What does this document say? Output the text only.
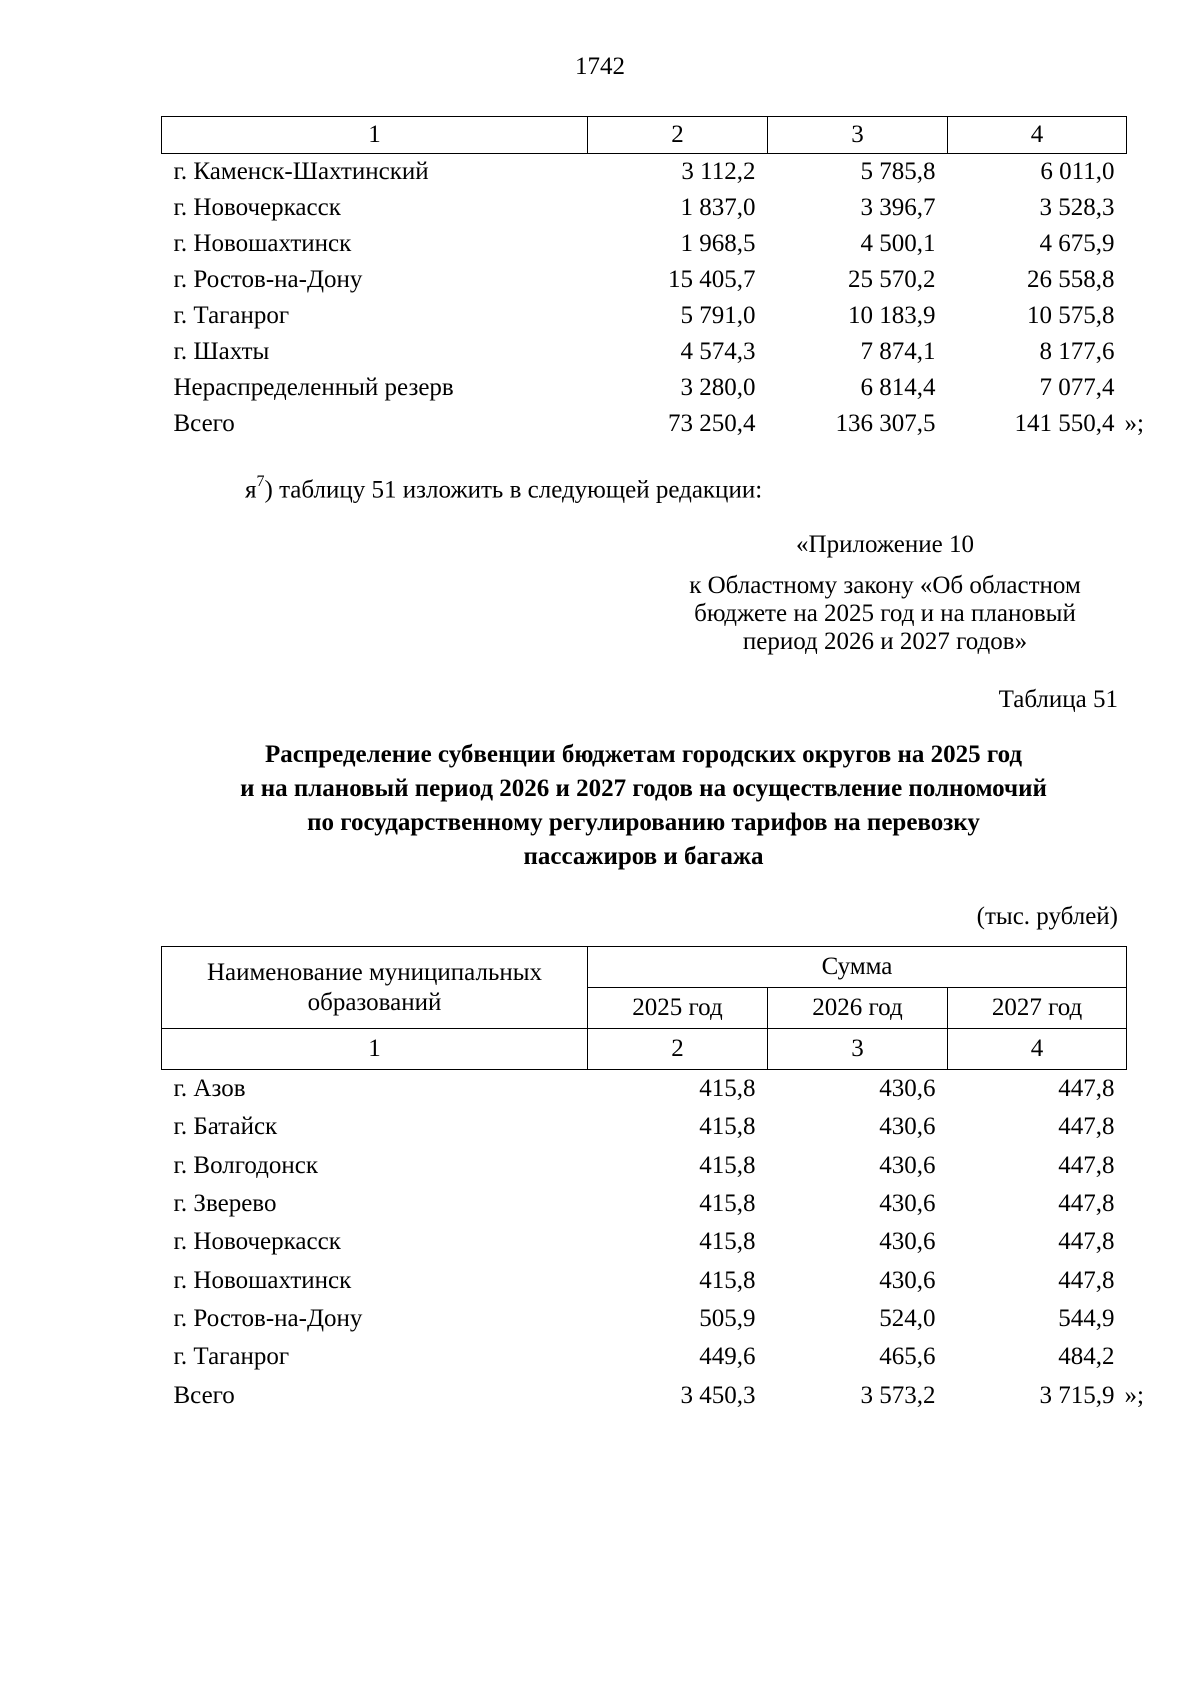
1742
1	2	3	4
г. Каменск-Шахтинский	3 112,2	5 785,8	6 011,0
г. Новочеркасск	1 837,0	3 396,7	3 528,3
г. Новошахтинск	1 968,5	4 500,1	4 675,9
г. Ростов-на-Дону	15 405,7	25 570,2	26 558,8
г. Таганрог	5 791,0	10 183,9	10 575,8
г. Шахты	4 574,3	7 874,1	8 177,6
Нераспределенный резерв	3 280,0	6 814,4	7 077,4
Всего	73 250,4	136 307,5	141 550,4 »;
$я^7$) таблицу 51 изложить в следующей редакции:
«Приложение 10
к Областному закону «Об областном
бюджете на 2025 год и на плановый
период 2026 и 2027 годов»
Таблица 51
Распределение субвенции бюджетам городских округов на 2025 год
и на плановый период 2026 и 2027 годов на осуществление полномочий
по государственному регулированию тарифов на перевозку
пассажиров и багажа
(тыс. рублей)
Наименование муниципальных образований	Сумма		
	2025 год	2026 год	2027 год
1	2	3	4
г. Азов	415,8	430,6	447,8
г. Батайск	415,8	430,6	447,8
г. Волгодонск	415,8	430,6	447,8
г. Зверево	415,8	430,6	447,8
г. Новочеркасск	415,8	430,6	447,8
г. Новошахтинск	415,8	430,6	447,8
г. Ростов-на-Дону	505,9	524,0	544,9
г. Таганрог	449,6	465,6	484,2
Всего	3 450,3	3 573,2	3 715,9 »;
